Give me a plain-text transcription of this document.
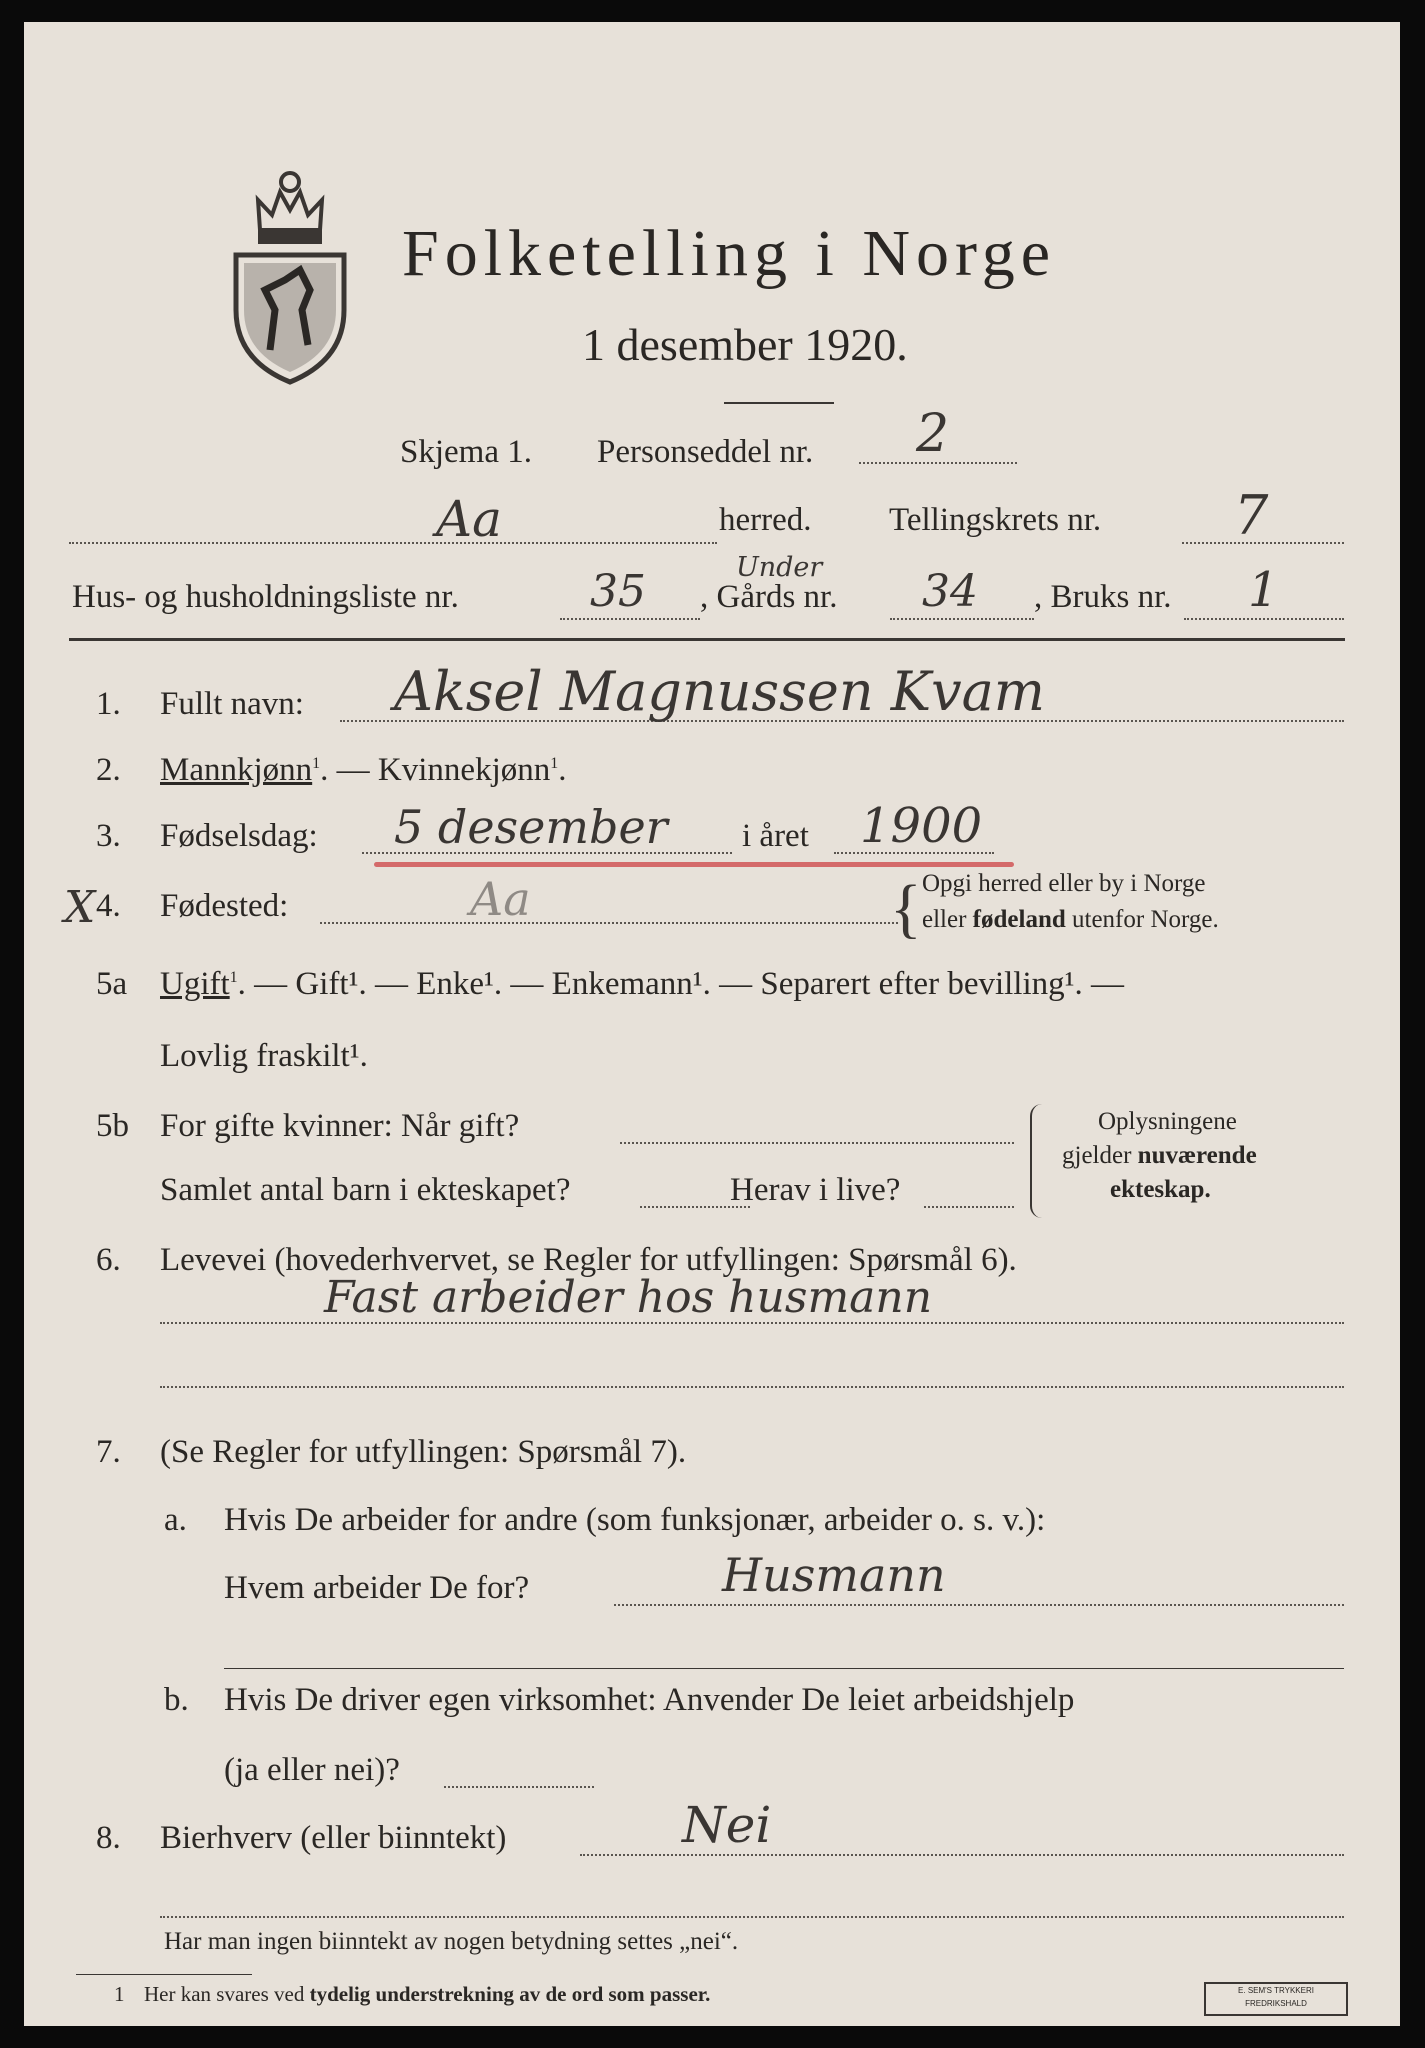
Folketelling i Norge
1 desember 1920.
Skjema 1. Personseddel nr. 2
Aa	herred. Tellingskrets nr. 7
Hus- og husholdningsliste nr.	35	Under
, Gårds nr. 34 , Bruks nr. 1
1. Fullt navn: Aksel Magnussen Kvam
2. Mannkjønn$^1$. — Kvinnekjønn$^1$.
3. Fødselsdag: 5 desember i året 1900
X 4. Fødested:	Aa	{ Opgi herred eller by i Norge
eller fødeland utenfor Norge.
5a Ugift$^1$. — Gift¹. — Enke¹. — Enkemann¹. — Separert efter bevilling¹. —
Lovlig fraskilt¹.
5b For gifte kvinner: Når gift?
Samlet antal barn i ekteskapet?	Herav i live?
Oplysningene
gjelder nuværende
ekteskap.
6. Levevei (hovederhvervet, se Regler for utfyllingen: Spørsmål 6).
Fast arbeider hos husmann
7. (Se Regler for utfyllingen: Spørsmål 7).
a. Hvis De arbeider for andre (som funksjonær, arbeider o. s. v.):
Hvem arbeider De for?	Husmann
b. Hvis De driver egen virksomhet: Anvender De leiet arbeidshjelp
(ja eller nei)?
8. Bierhverv (eller biinntekt)	Nei
Har man ingen biinntekt av nogen betydning settes „nei“.
1 Her kan svares ved tydelig understrekning av de ord som passer.	E. SEM'S TRYKKERI
FREDRIKSHALD
